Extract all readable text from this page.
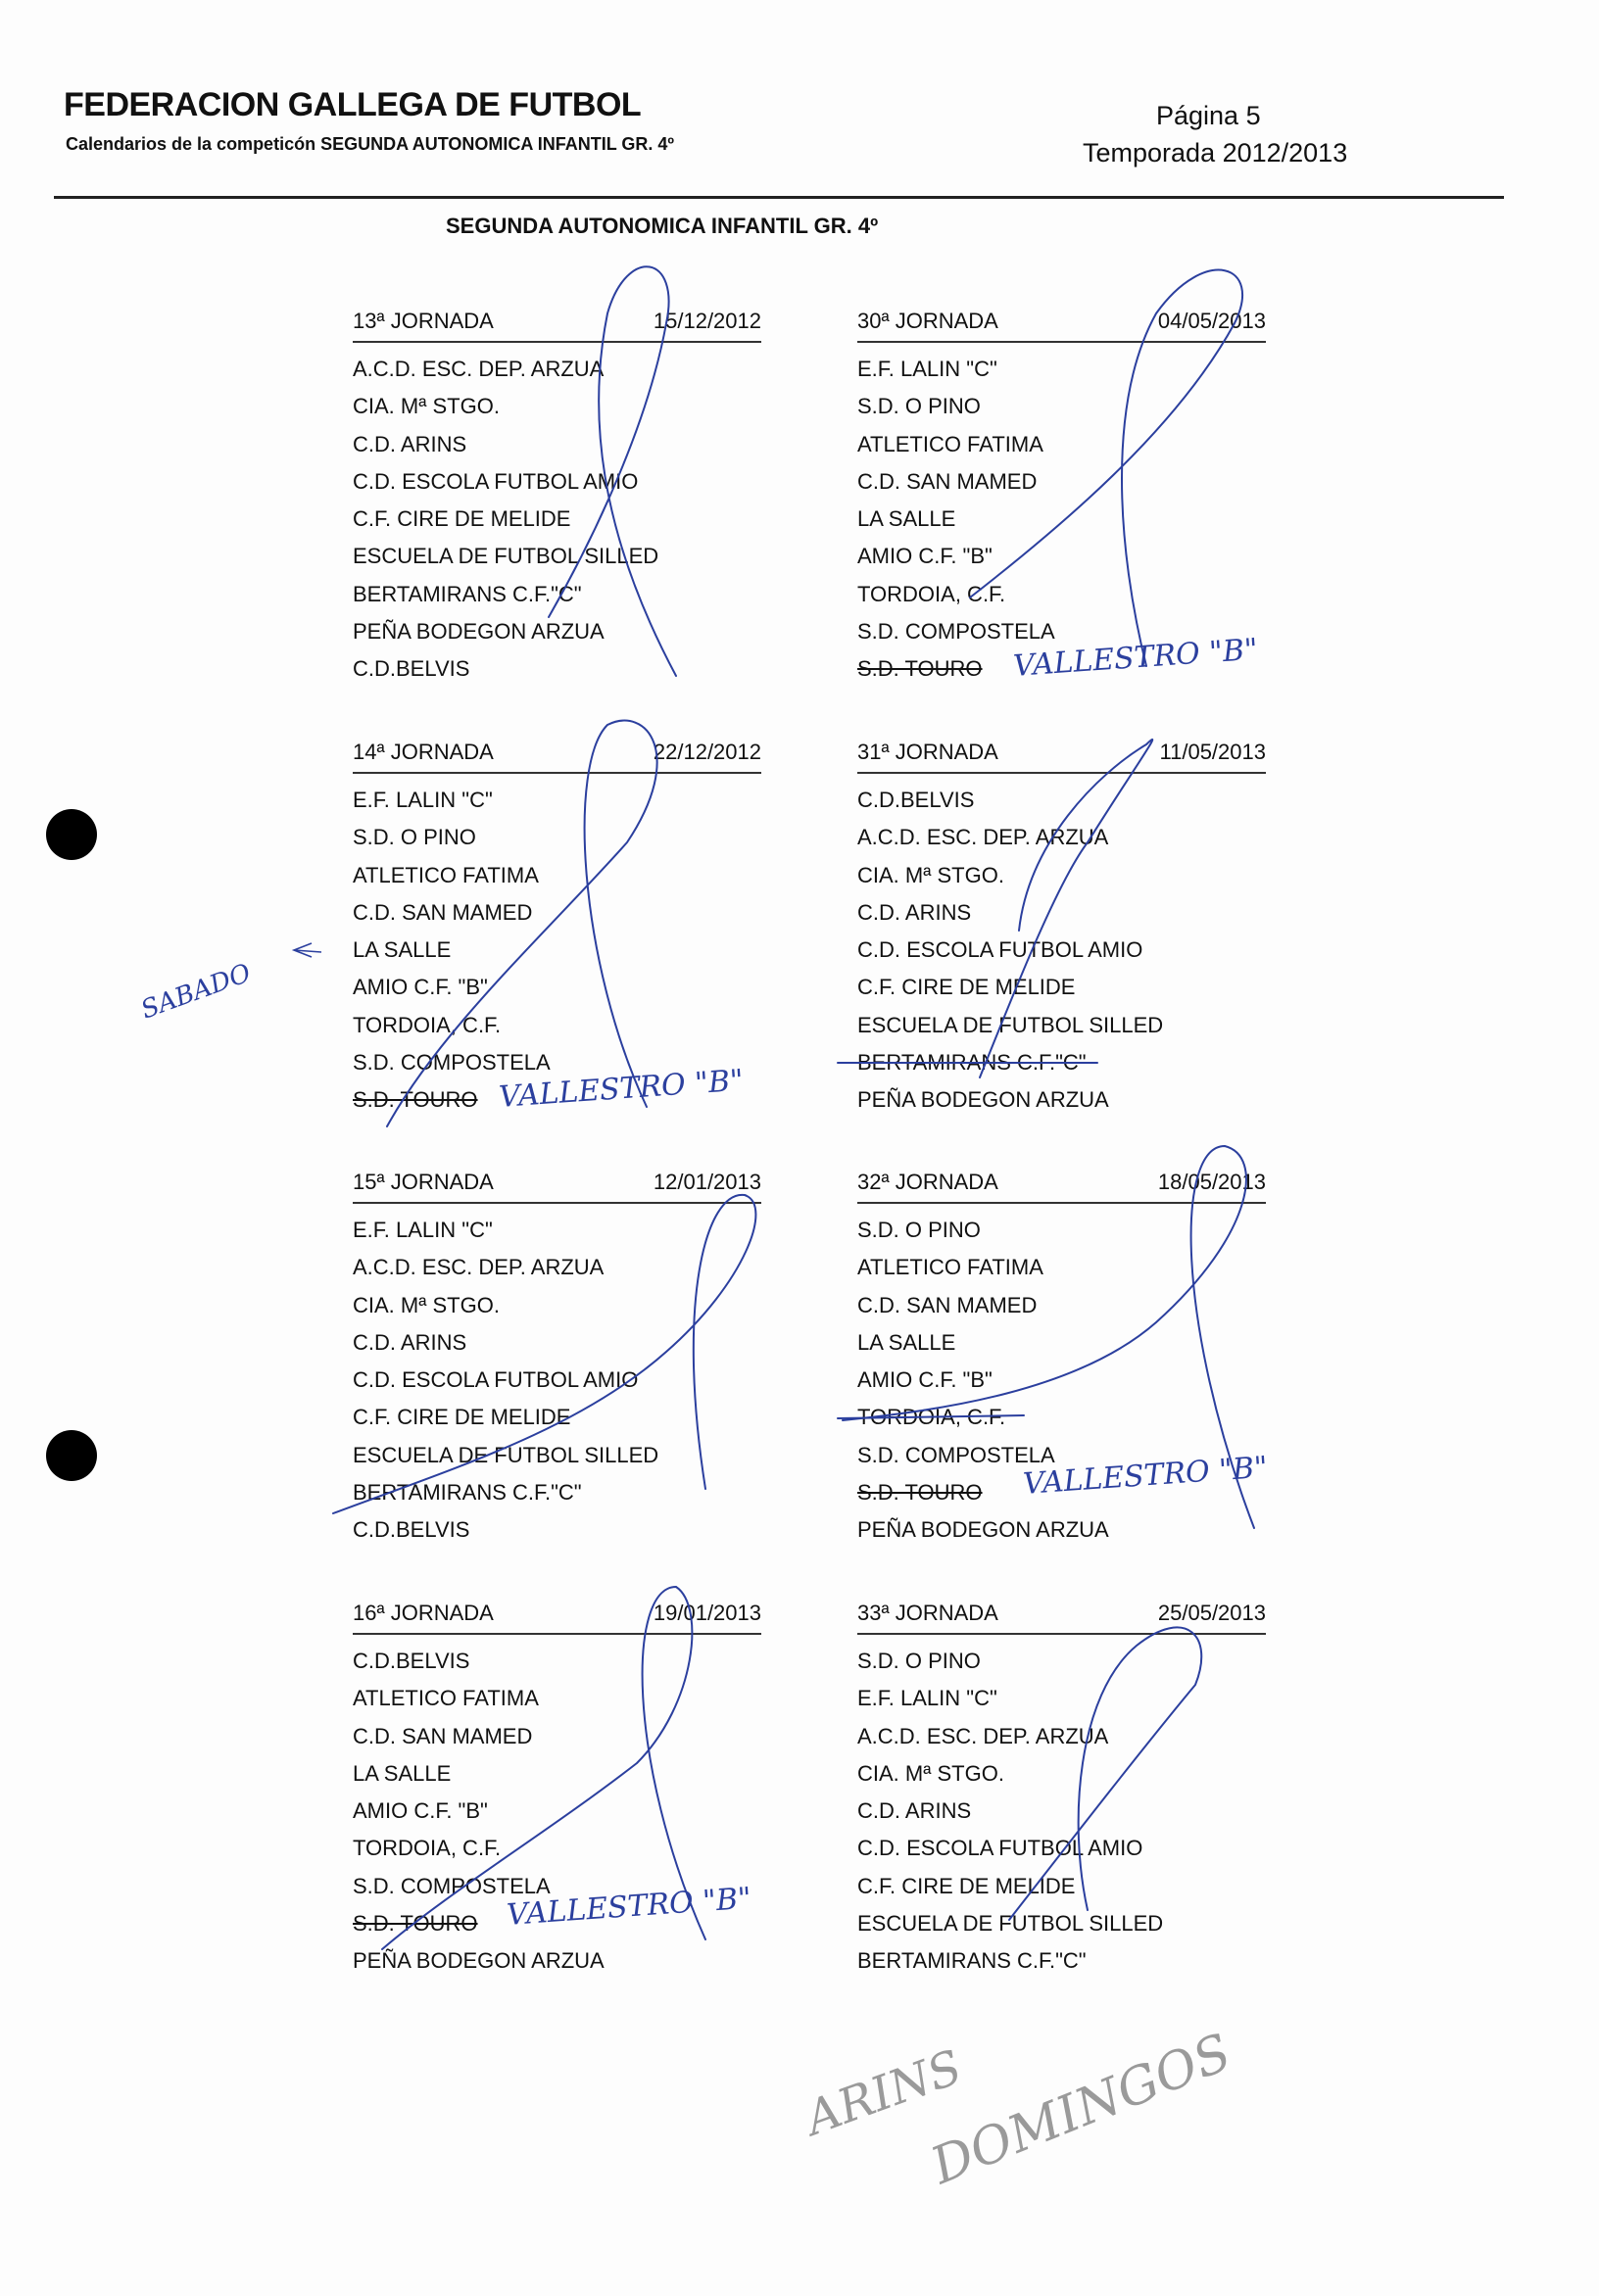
FEDERACION GALLEGA DE FUTBOL
Calendarios de la competicón SEGUNDA AUTONOMICA INFANTIL GR. 4º
Página 5
Temporada 2012/2013
SEGUNDA AUTONOMICA INFANTIL GR. 4º
13ª JORNADA	15/12/2012
A.C.D. ESC. DEP. ARZUA
CIA. Mª STGO.
C.D. ARINS
C.D. ESCOLA FUTBOL AMIO
C.F. CIRE DE MELIDE
ESCUELA DE FUTBOL SILLED
BERTAMIRANS C.F."C"
PEÑA BODEGON ARZUA
C.D.BELVIS
14ª JORNADA	22/12/2012
E.F. LALIN "C"
S.D. O PINO
ATLETICO FATIMA
C.D. SAN MAMED
LA SALLE
AMIO C.F. "B"
TORDOIA, C.F.
S.D. COMPOSTELA
S.D. TOURO
15ª JORNADA	12/01/2013
E.F. LALIN "C"
A.C.D. ESC. DEP. ARZUA
CIA. Mª STGO.
C.D. ARINS
C.D. ESCOLA FUTBOL AMIO
C.F. CIRE DE MELIDE
ESCUELA DE FUTBOL SILLED
BERTAMIRANS C.F."C"
C.D.BELVIS
16ª JORNADA	19/01/2013
C.D.BELVIS
ATLETICO FATIMA
C.D. SAN MAMED
LA SALLE
AMIO C.F. "B"
TORDOIA, C.F.
S.D. COMPOSTELA
S.D. TOURO
PEÑA BODEGON ARZUA
30ª JORNADA	04/05/2013
E.F. LALIN "C"
S.D. O PINO
ATLETICO FATIMA
C.D. SAN MAMED
LA SALLE
AMIO C.F. "B"
TORDOIA, C.F.
S.D. COMPOSTELA
S.D. TOURO
31ª JORNADA	11/05/2013
C.D.BELVIS
A.C.D. ESC. DEP. ARZUA
CIA. Mª STGO.
C.D. ARINS
C.D. ESCOLA FUTBOL AMIO
C.F. CIRE DE MELIDE
ESCUELA DE FUTBOL SILLED
BERTAMIRANS C.F."C"
PEÑA BODEGON ARZUA
32ª JORNADA	18/05/2013
S.D. O PINO
ATLETICO FATIMA
C.D. SAN MAMED
LA SALLE
AMIO C.F. "B"
TORDOIA, C.F.
S.D. COMPOSTELA
S.D. TOURO
PEÑA BODEGON ARZUA
33ª JORNADA	25/05/2013
S.D. O PINO
E.F. LALIN "C"
A.C.D. ESC. DEP. ARZUA
CIA. Mª STGO.
C.D. ARINS
C.D. ESCOLA FUTBOL AMIO
C.F. CIRE DE MELIDE
ESCUELA DE FUTBOL SILLED
BERTAMIRANS C.F."C"
VALLESTRO "B"
VALLESTRO "B"
VALLESTRO "B"
VALLESTRO "B"
SABADO
ARINS
DOMINGOS
